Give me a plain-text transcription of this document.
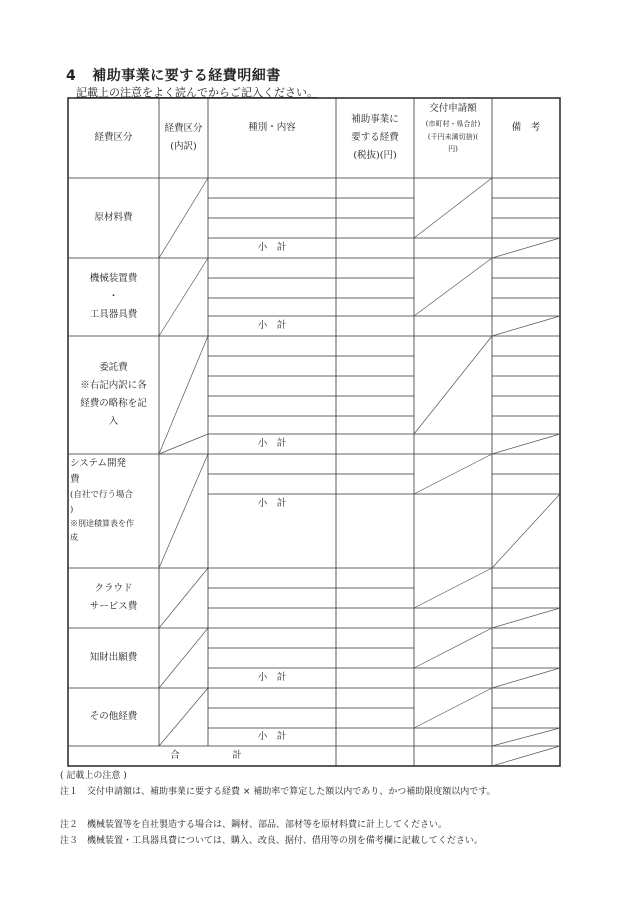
4 補助事業に要する経費明細書
記載上の注意をよく読んでからご記入ください。
経費区分
経費区分
(内訳)
種別・内容
補助事業に
要する経費
(税抜)(円)
交付申請額
(市町村・県合計)
(千円未満切捨)(
円)
備　考
原材料費
機械装置費
・
工具器具費
委託費
※右記内訳に各
経費の略称を記
入
システム開発
費
(自社で行う場合
)
※別途積算表を作
成
クラウド
サービス費
知財出願費
その他経費
小　計
小　計
小　計
小　計
小　計
小　計
合	計
( 記載上の注意 )
注１　交付申請額は、補助事業に要する経費 × 補助率で算定した額以内であり、かつ補助限度額以内です。
注２　機械装置等を自社製造する場合は、鋼材、部品、部材等を原材料費に計上してください。
注３　機械装置・工具器具費については、購入、改良、据付、借用等の別を備考欄に記載してください。
